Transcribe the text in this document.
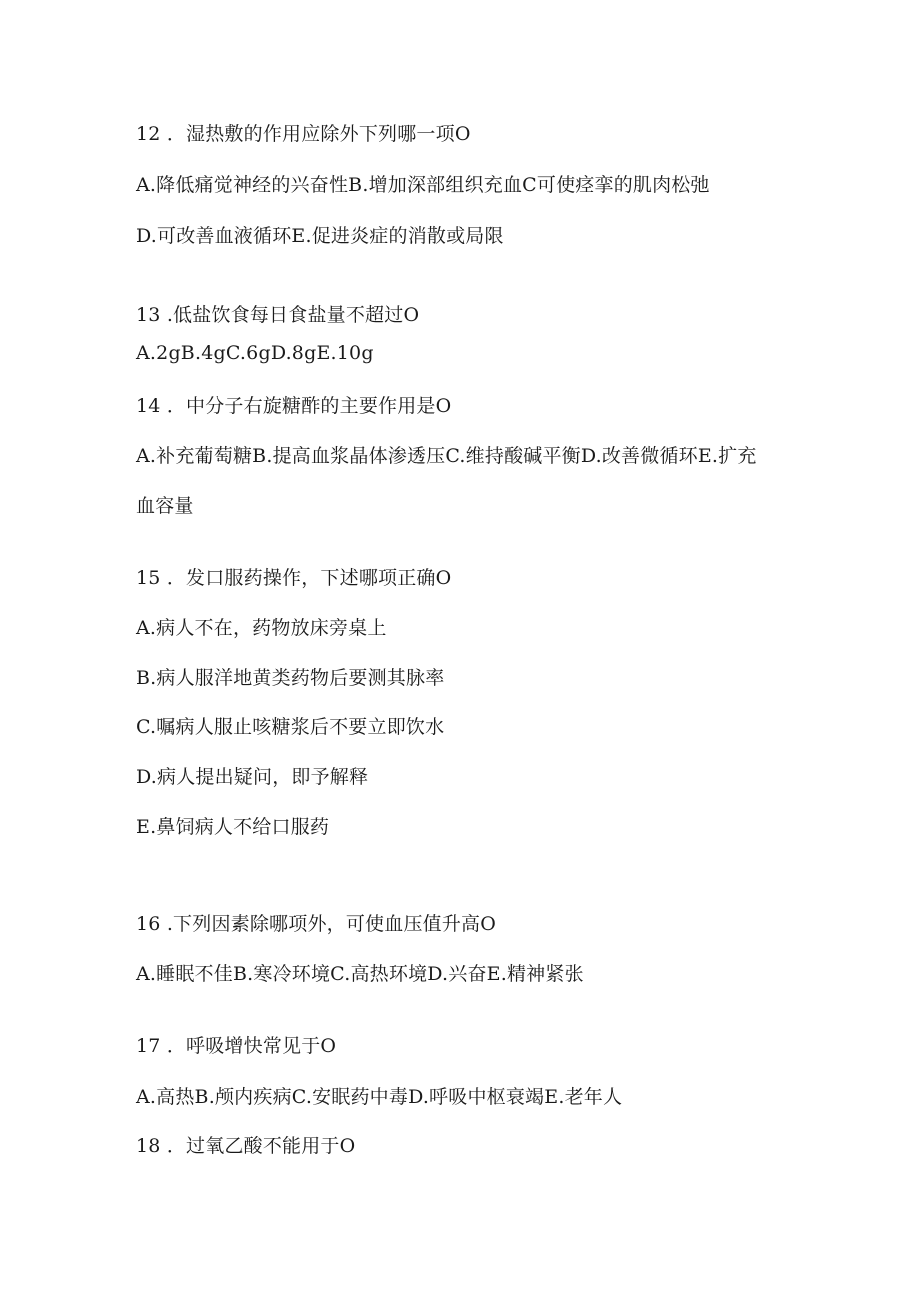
12 ．湿热敷的作用应除外下列哪一项O
A.降低痛觉神经的兴奋性B.增加深部组织充血C可使痉挛的肌肉松弛
D.可改善血液循环E.促进炎症的消散或局限
13 .低盐饮食每日食盐量不超过O
A.2gB.4gC.6gD.8gE.10g
14 ．中分子右旋糖酢的主要作用是O
A.补充葡萄糖B.提高血浆晶体渗透压C.维持酸碱平衡D.改善微循环E.扩充
血容量
15 ．发口服药操作，下述哪项正确O
A.病人不在，药物放床旁桌上
B.病人服洋地黄类药物后要测其脉率
C.嘱病人服止咳糖浆后不要立即饮水
D.病人提出疑问，即予解释
E.鼻饲病人不给口服药
16 .下列因素除哪项外，可使血压值升高O
A.睡眠不佳B.寒冷环境C.高热环境D.兴奋E.精神紧张
17 ．呼吸增快常见于O
A.高热B.颅内疾病C.安眠药中毒D.呼吸中枢衰竭E.老年人
18 ．过氧乙酸不能用于O
